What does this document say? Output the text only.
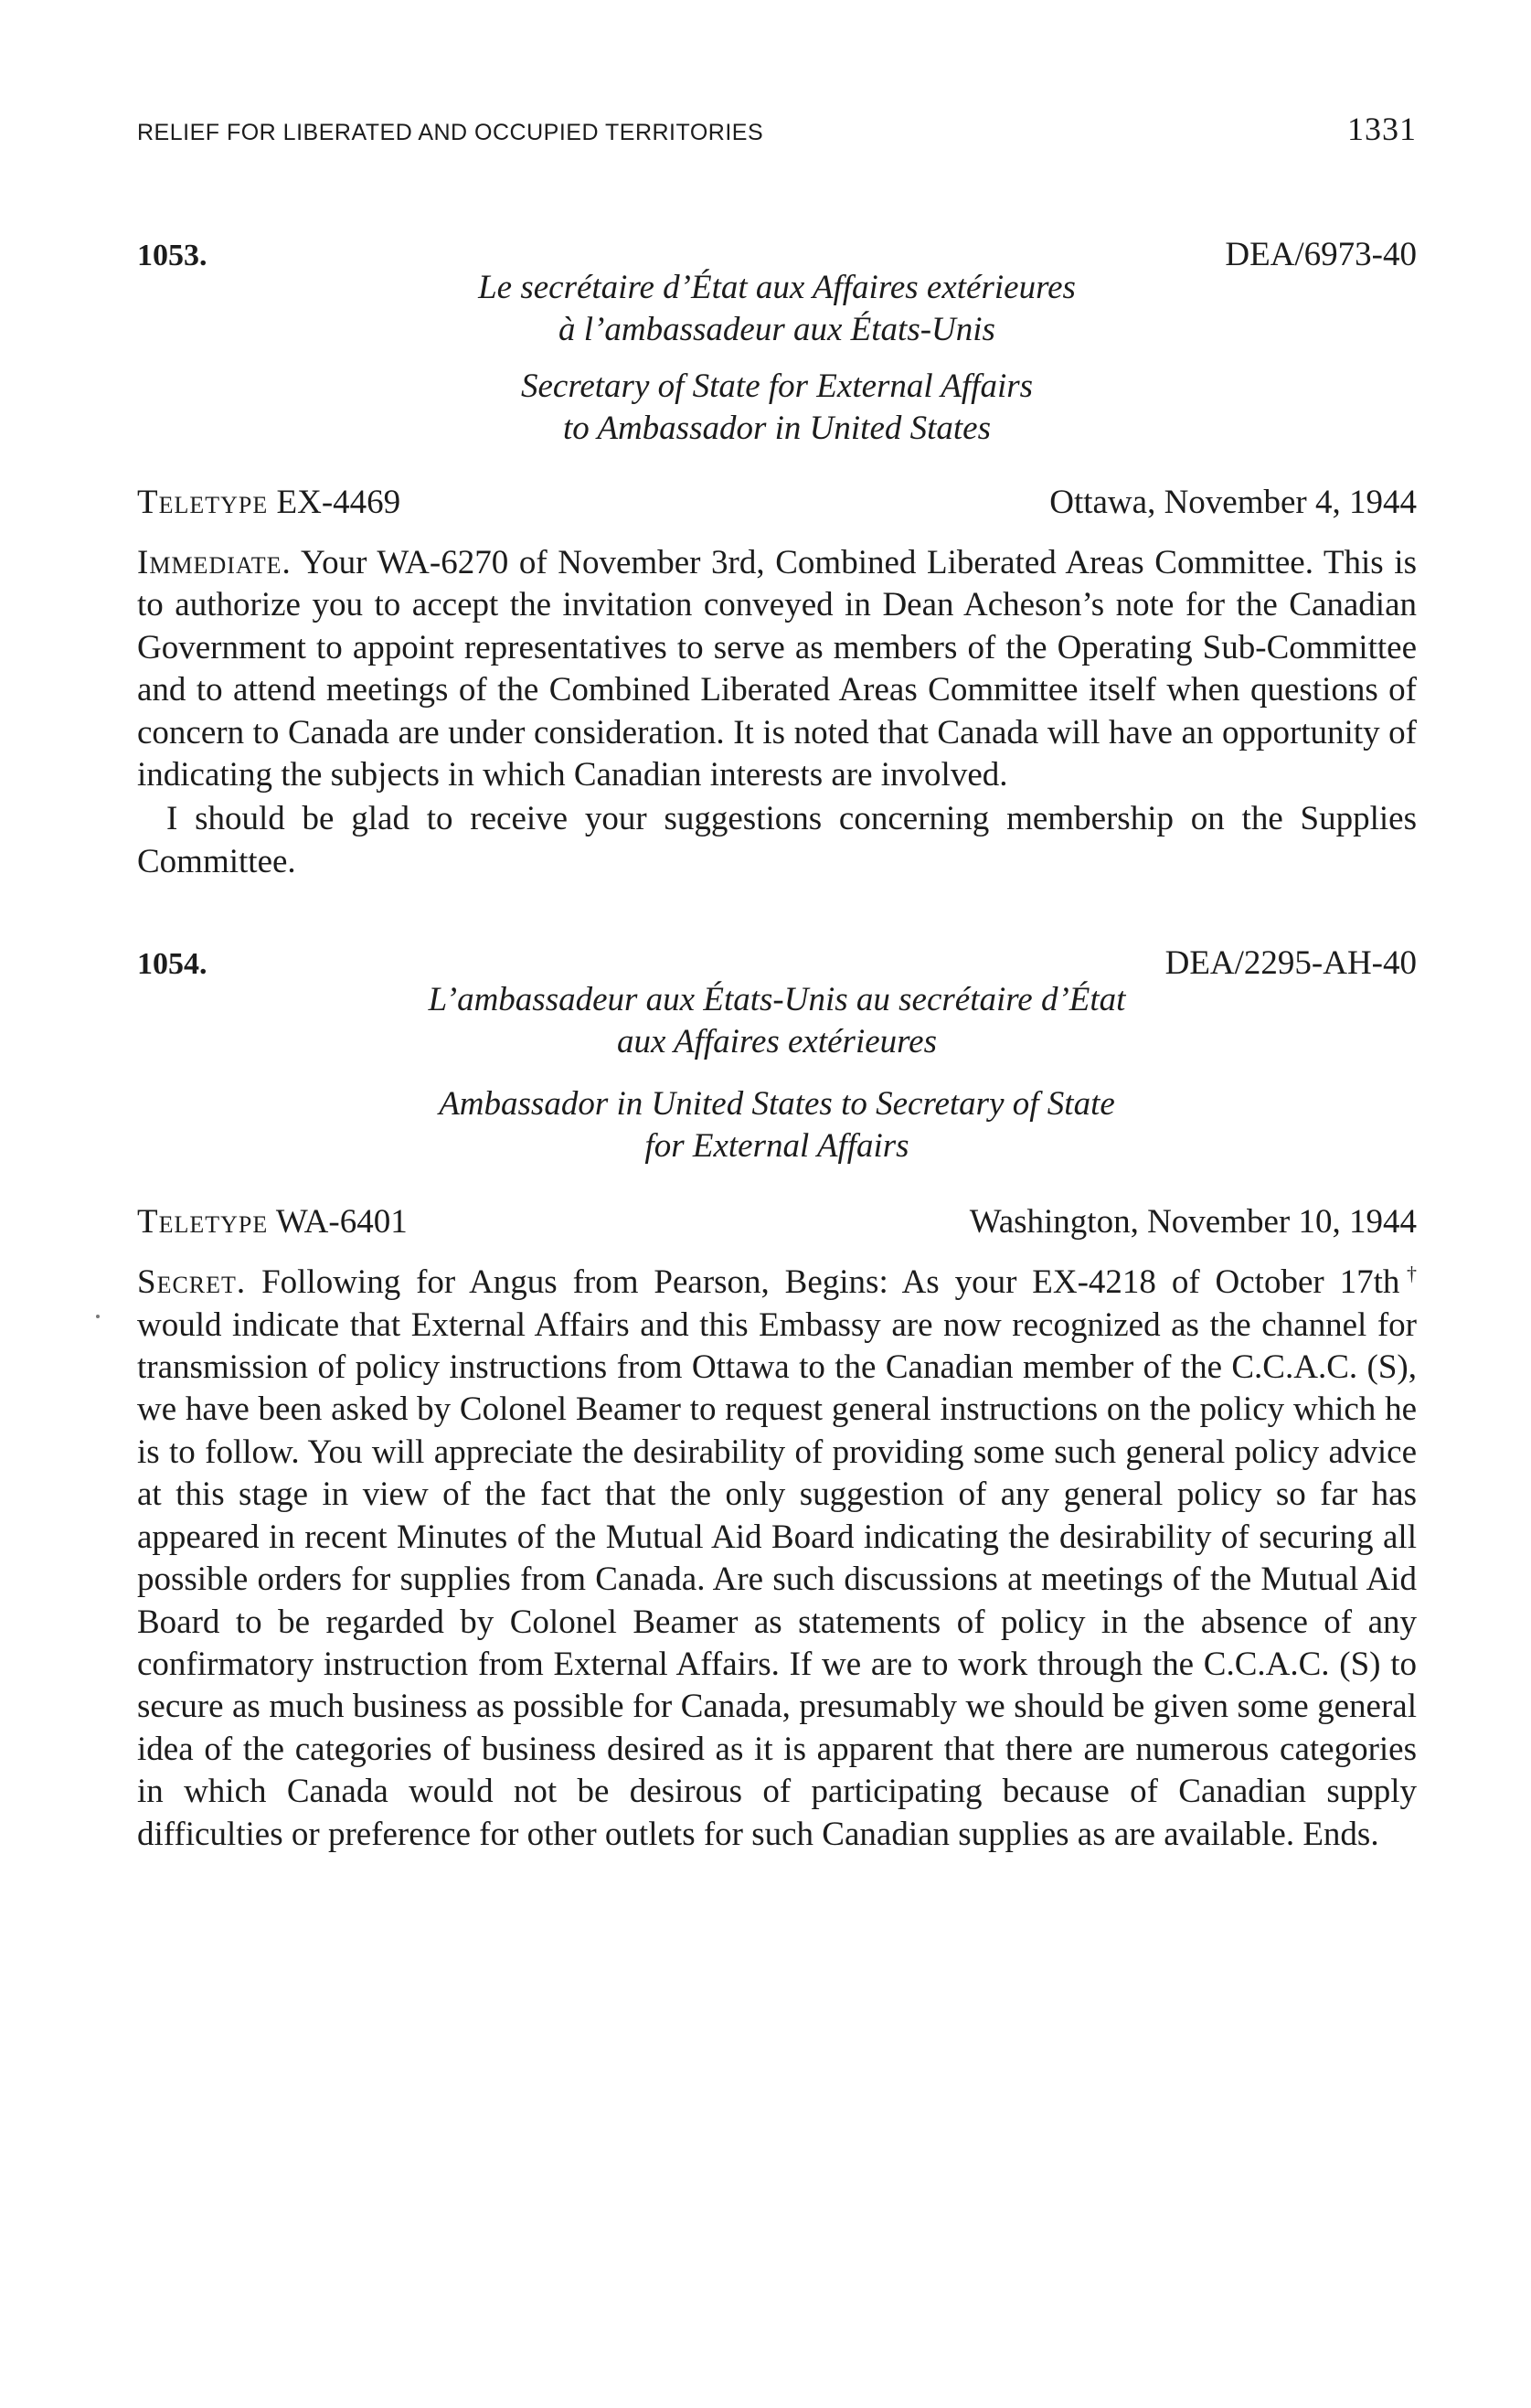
RELIEF FOR LIBERATED AND OCCUPIED TERRITORIES	1331
1053.	DEA/6973-40
Le secrétaire d’État aux Affaires extérieures
à l’ambassadeur aux États-Unis
Secretary of State for External Affairs
to Ambassador in United States
Teletype EX-4469	Ottawa, November 4, 1944

Immediate. Your WA-6270 of November 3rd, Combined Liberated Areas Committee. This is to authorize you to accept the invitation conveyed in Dean Acheson’s note for the Canadian Government to appoint representatives to serve as members of the Operating Sub-Committee and to attend meetings of the Combined Liberated Areas Committee itself when questions of concern to Canada are under consideration. It is noted that Canada will have an opportunity of indicating the subjects in which Canadian interests are involved.

I should be glad to receive your suggestions concerning membership on the Supplies Committee.

1054.	DEA/2295-AH-40
L’ambassadeur aux États-Unis au secrétaire d’État
aux Affaires extérieures
Ambassador in United States to Secretary of State
for External Affairs
Teletype WA-6401	Washington, November 10, 1944

Secret. Following for Angus from Pearson, Begins: As your EX-4218 of October 17th† would indicate that External Affairs and this Embassy are now recognized as the channel for transmission of policy instructions from Ottawa to the Canadian member of the C.C.A.C. (S), we have been asked by Colonel Beamer to request general instructions on the policy which he is to follow. You will appreciate the desirability of providing some such general policy advice at this stage in view of the fact that the only suggestion of any general policy so far has appeared in recent Minutes of the Mutual Aid Board indicating the desirability of securing all possible orders for supplies from Canada. Are such discussions at meetings of the Mutual Aid Board to be regarded by Colonel Beamer as statements of policy in the absence of any confirmatory instruction from External Affairs. If we are to work through the C.C.A.C. (S) to secure as much business as possible for Canada, presumably we should be given some general idea of the categories of business desired as it is apparent that there are numerous categories in which Canada would not be desirous of participating because of Canadian supply difficulties or preference for other outlets for such Canadian supplies as are available. Ends.
